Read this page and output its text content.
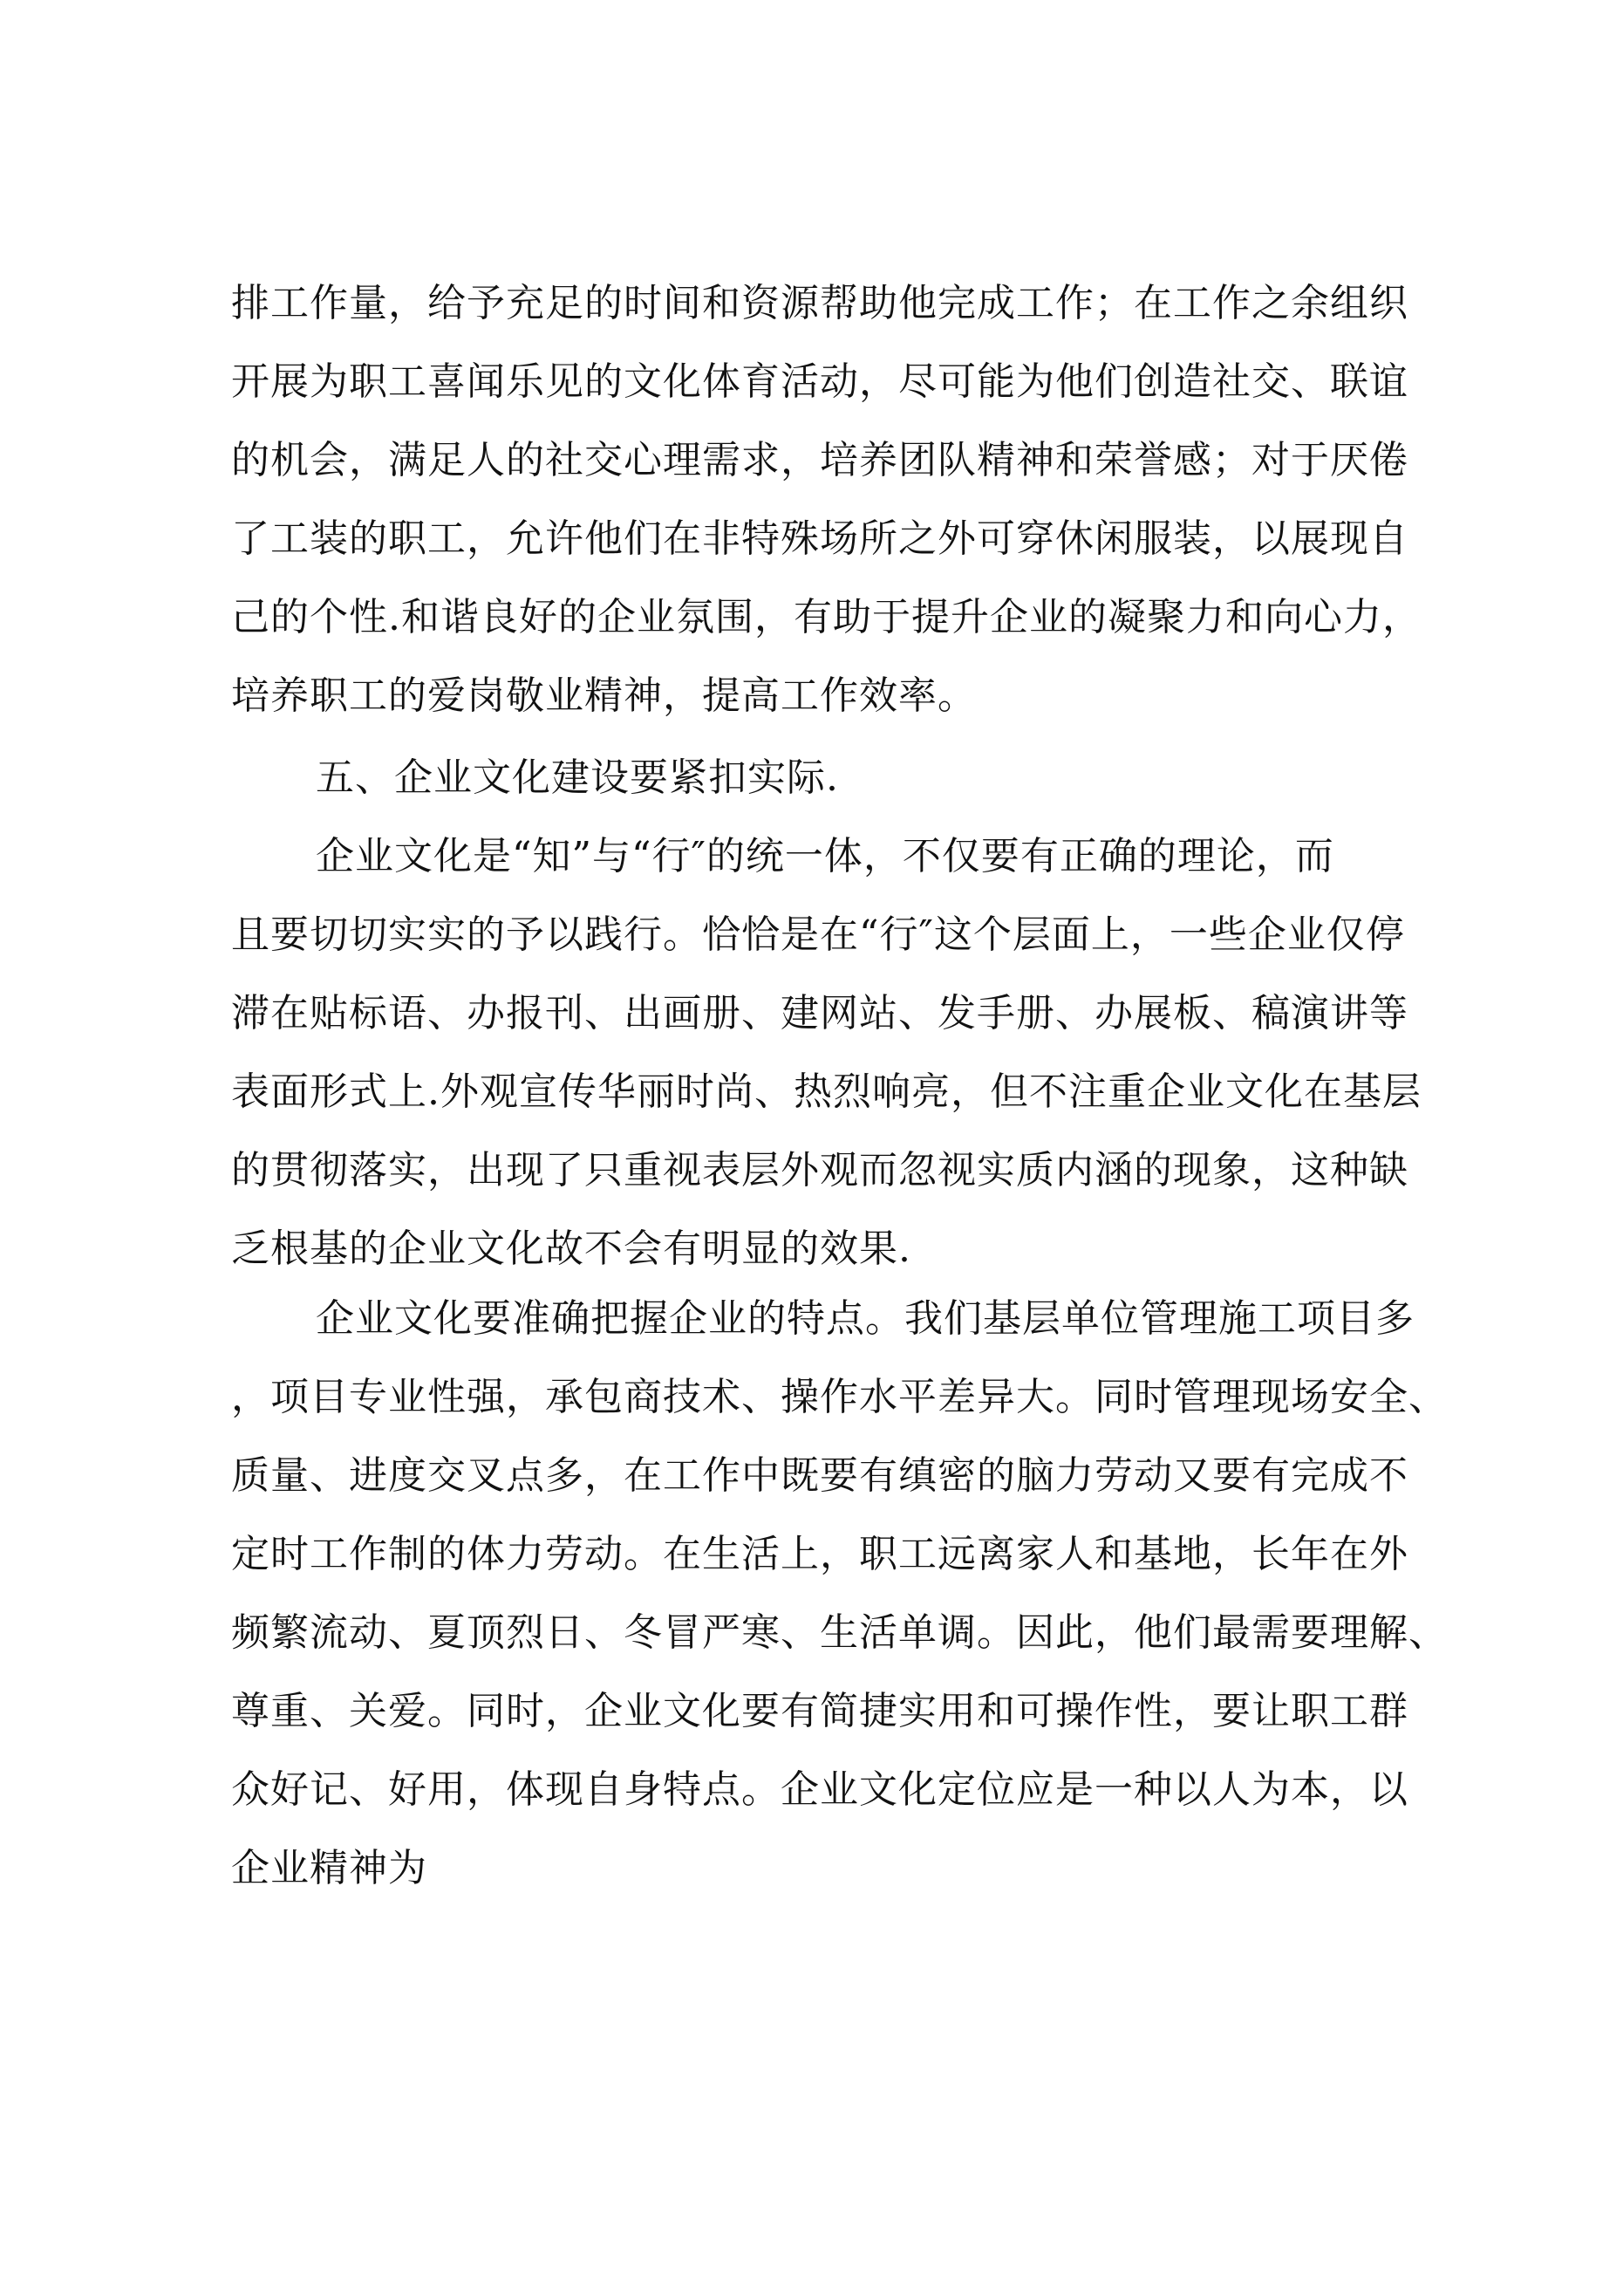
排工作量，给予充足的时间和资源帮助他完成工作；在工作之余组织
开展为职工喜闻乐见的文化体育活动，尽可能为他们创造社交、联谊
的机会，满足人的社交心理需求，培养团队精神和荣誉感；对于厌倦
了工装的职工，允许他们在非特殊场所之外可穿休闲服装，以展现自
己的个性.和谐良好的企业氛围，有助于提升企业的凝聚力和向心力，
培养职工的爱岗敬业精神，提高工作效率。
五、企业文化建设要紧扣实际.
企业文化是“知”与“行″的统一体，不仅要有正确的理论，而
且要切切实实的予以践行。恰恰是在“行″这个层面上，一些企业仅停
滞在贴标语、办报刊、出画册、建网站、发手册、办展板、稿演讲等
表面形式上.外观宣传华丽时尚、热烈响亮，但不注重企业文化在基层
的贯彻落实，出现了只重视表层外观而忽视实质内涵的现象，这种缺
乏根基的企业文化故不会有明显的效果.
企业文化要准确把握企业的特点。我们基层单位管理施工项目多
，项目专业性强，承包商技术、操作水平差异大。同时管理现场安全、
质量、进度交叉点多，在工作中既要有缜密的脑力劳动又要有完成不
定时工作制的体力劳动。在生活上，职工远离家人和基地，长年在外
频繁流动、夏顶烈日、冬冒严寒、生活单调。因此，他们最需要理解、
尊重、关爱。同时，企业文化要有简捷实用和可操作性，要让职工群
众好记、好用，体现自身特点。企业文化定位应是一种以人为本，以
企业精神为
